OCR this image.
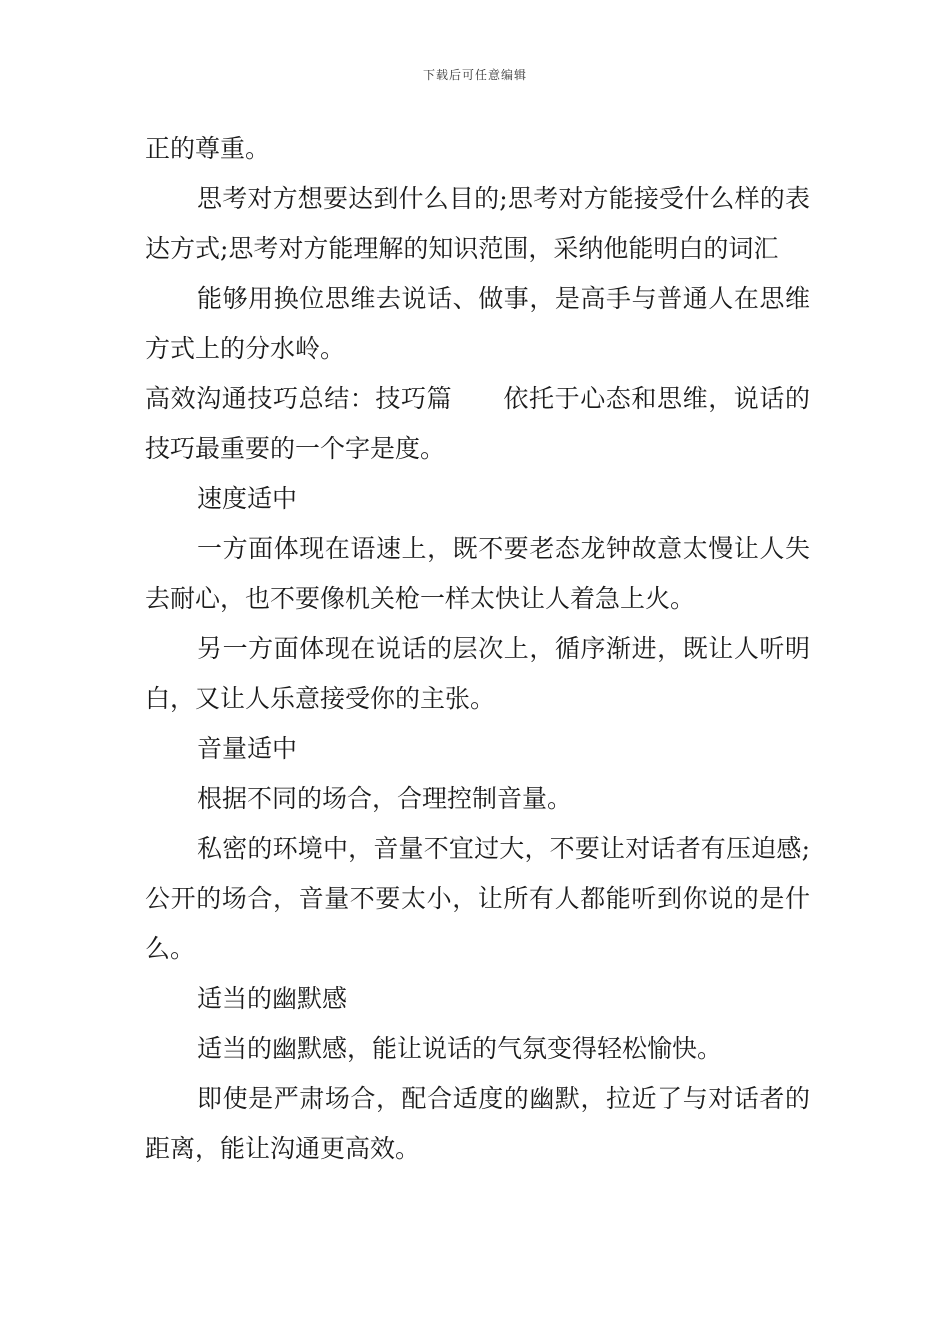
下载后可任意编辑

正的尊重。

思考对方想要达到什么目的;思考对方能接受什么样的表达方式;思考对方能理解的知识范围，采纳他能明白的词汇

能够用换位思维去说话、做事，是高手与普通人在思维方式上的分水岭。

高效沟通技巧总结：技巧篇　　依托于心态和思维，说话的技巧最重要的一个字是度。

速度适中

一方面体现在语速上，既不要老态龙钟故意太慢让人失去耐心，也不要像机关枪一样太快让人着急上火。

另一方面体现在说话的层次上，循序渐进，既让人听明白，又让人乐意接受你的主张。

音量适中

根据不同的场合，合理控制音量。

私密的环境中，音量不宜过大，不要让对话者有压迫感;公开的场合，音量不要太小，让所有人都能听到你说的是什么。

适当的幽默感

适当的幽默感，能让说话的气氛变得轻松愉快。

即使是严肃场合，配合适度的幽默，拉近了与对话者的距离，能让沟通更高效。
